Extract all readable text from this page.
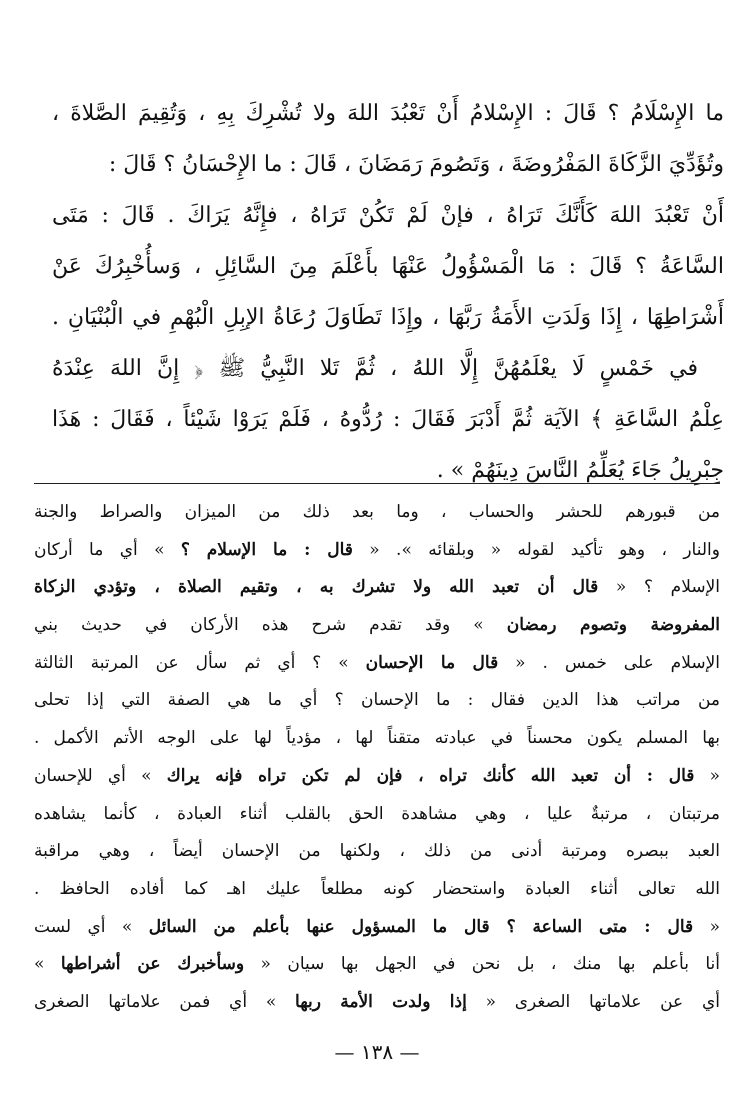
ما الإِسْلَامُ ؟ قَالَ : الإِسْلامُ أَنْ تَعْبُدَ اللهَ ولا تُشْرِكَ بِهِ ، وَتُقِيمَ الصَّلاةَ ،
وتُؤَدِّيَ الزَّكَاةَ المَفْرُوضَةَ ، وَتَصُومَ رَمَضَانَ ، قَالَ : ما الإِحْسَانُ ؟ قَالَ :
أَنْ تَعْبُدَ اللهَ كَأَنَّكَ تَرَاهُ ، فإنْ لَمْ تَكُنْ تَرَاهُ ، فإِنَّهُ يَرَاكَ . قَالَ : مَتَى
السَّاعَةُ ؟ قَالَ : مَا الْمَسْؤُولُ عَنْهَا بأَعْلَمَ مِنَ السَّائِلِ ، وَسأُخْبِرُكَ عَنْ
أَشْرَاطِهَا ، إِذَا وَلَدَتِ الأَمَةُ رَبَّهَا ، وإِذَا تَطَاوَلَ رُعَاةُ الإبِلِ الْبُهْمِ في الْبُنْيَانِ .
في خَمْسٍ لَا يعْلَمُهُنَّ إِلَّا اللهُ ، ثُمَّ تَلا النَّبِيُّ ﷺ ﴿ إِنَّ اللهَ عِنْدَهُ
عِلْمُ السَّاعَةِ ﴾ الآيَة ثُمَّ أَدْبَرَ فَقَالَ : رُدُّوهُ ، فَلَمْ يَرَوْا شَيْئاً ، فَقَالَ : هَذَا
جِبْرِيلُ جَاءَ يُعَلِّمُ النَّاسَ دِينَهُمْ » .
من قبورهم للحشر والحساب ، وما بعد ذلك من الميزان والصراط والجنة
والنار ، وهو تأكيد لقوله « وبلقائه ». « قال : ما الإسلام ؟ » أي ما أركان
الإسلام ؟ « قال أن تعبد الله ولا تشرك به ، وتقيم الصلاة ، وتؤدي الزكاة
المفروضة وتصوم رمضان » وقد تقدم شرح هذه الأركان في حديث بني
الإسلام على خمس . « قال ما الإحسان » ؟ أي ثم سأل عن المرتبة الثالثة
من مراتب هذا الدين فقال : ما الإحسان ؟ أي ما هي الصفة التي إذا تحلى
بها المسلم يكون محسناً في عبادته متقناً لها ، مؤدياً لها على الوجه الأتم الأكمل .
« قال : أن تعبد الله كأنك تراه ، فإن لم تكن تراه فإنه يراك » أي للإحسان
مرتبتان ، مرتبةٌ عليا ، وهي مشاهدة الحق بالقلب أثناء العبادة ، كأنما يشاهده
العبد ببصره ومرتبة أدنى من ذلك ، ولكنها من الإحسان أيضاً ، وهي مراقبة
الله تعالى أثناء العبادة واستحضار كونه مطلعاً عليك اهـ كما أفاده الحافظ .
« قال : متى الساعة ؟ قال ما المسؤول عنها بأعلم من السائل » أي لست
أنا بأعلم بها منك ، بل نحن في الجهل بها سيان « وسأخبرك عن أشراطها »
أي عن علاماتها الصغرى « إذا ولدت الأمة ربها » أي فمن علاماتها الصغرى
— ١٣٨ —
